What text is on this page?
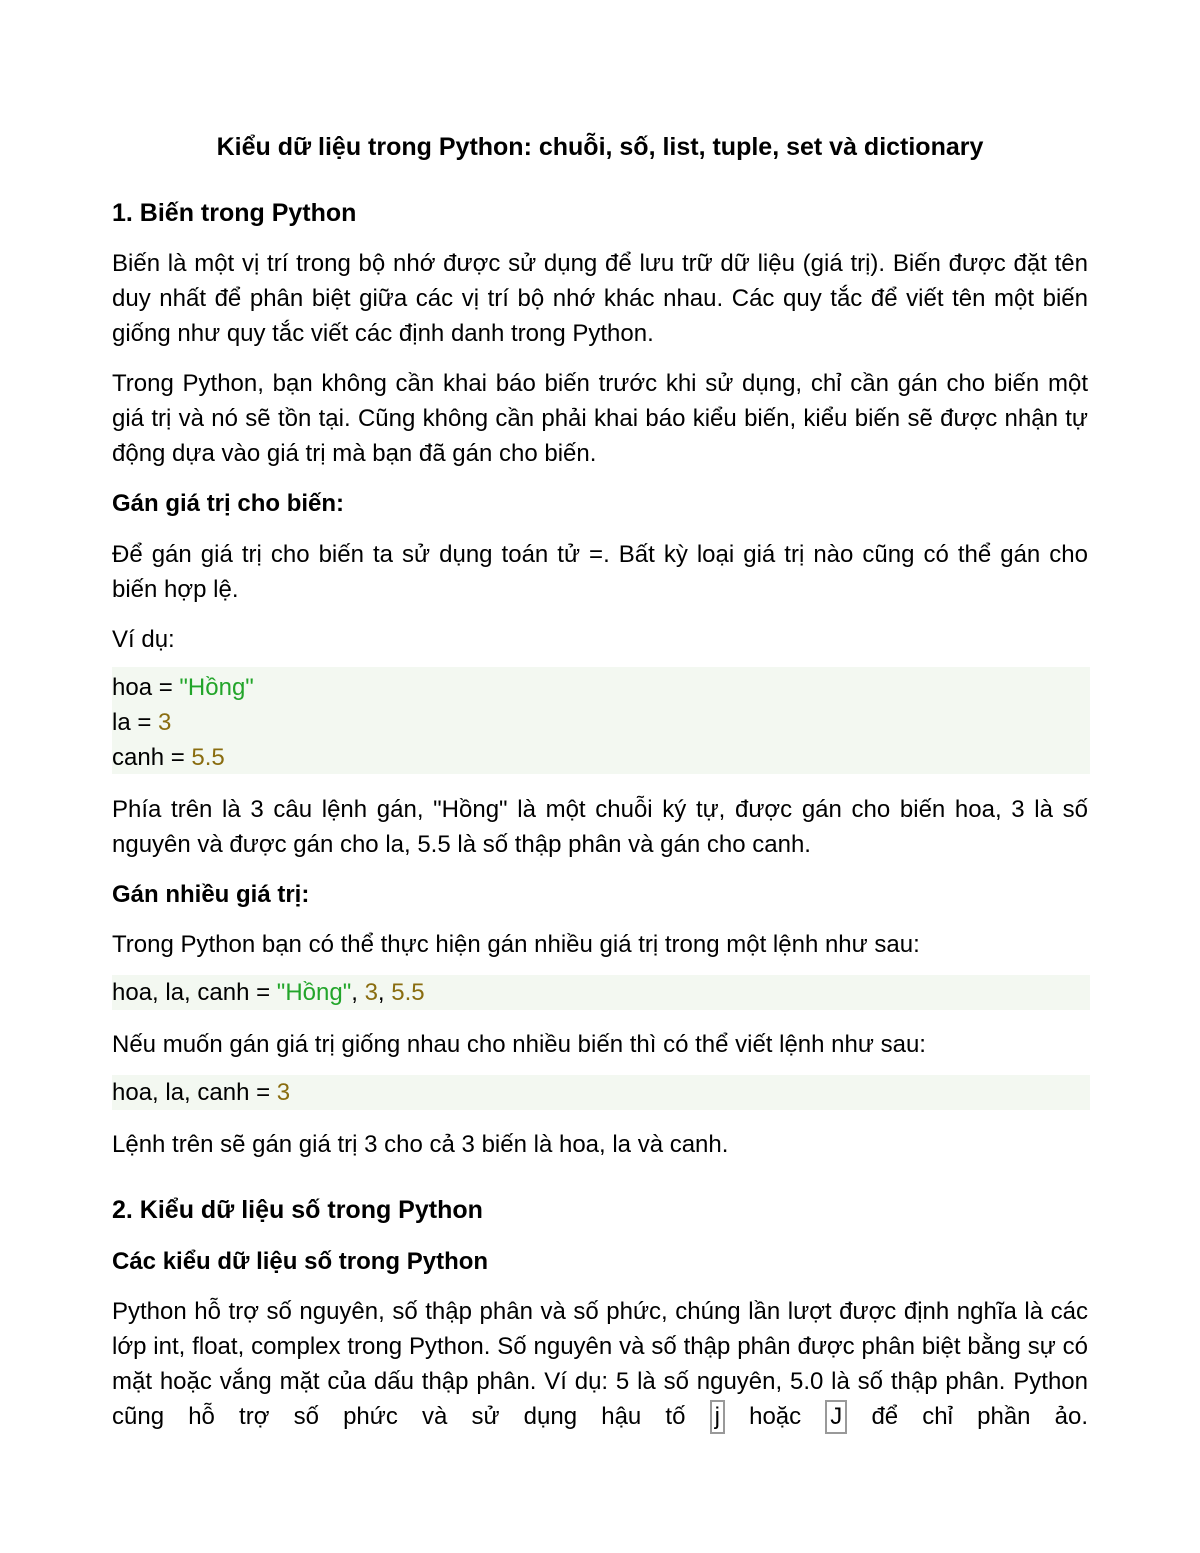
Kiểu dữ liệu trong Python: chuỗi, số, list, tuple, set và dictionary
1. Biến trong Python

Biến là một vị trí trong bộ nhớ được sử dụng để lưu trữ dữ liệu (giá trị). Biến được đặt tên duy nhất để phân biệt giữa các vị trí bộ nhớ khác nhau. Các quy tắc để viết tên một biến giống như quy tắc viết các định danh trong Python.

Trong Python, bạn không cần khai báo biến trước khi sử dụng, chỉ cần gán cho biến một giá trị và nó sẽ tồn tại. Cũng không cần phải khai báo kiểu biến, kiểu biến sẽ được nhận tự động dựa vào giá trị mà bạn đã gán cho biến.

Gán giá trị cho biến:

Để gán giá trị cho biến ta sử dụng toán tử =. Bất kỳ loại giá trị nào cũng có thể gán cho biến hợp lệ.

Ví dụ:

hoa = "Hồng"
la = 3
canh = 5.5

Phía trên là 3 câu lệnh gán, "Hồng" là một chuỗi ký tự, được gán cho biến hoa, 3 là số nguyên và được gán cho la, 5.5 là số thập phân và gán cho canh.

Gán nhiều giá trị:

Trong Python bạn có thể thực hiện gán nhiều giá trị trong một lệnh như sau:

hoa, la, canh = "Hồng", 3, 5.5

Nếu muốn gán giá trị giống nhau cho nhiều biến thì có thể viết lệnh như sau:

hoa, la, canh = 3

Lệnh trên sẽ gán giá trị 3 cho cả 3 biến là hoa, la và canh.

2. Kiểu dữ liệu số trong Python
Các kiểu dữ liệu số trong Python

Python hỗ trợ số nguyên, số thập phân và số phức, chúng lần lượt được định nghĩa là các lớp int, float, complex trong Python. Số nguyên và số thập phân được phân biệt bằng sự có mặt hoặc vắng mặt của dấu thập phân. Ví dụ: 5 là số nguyên, 5.0 là số thập phân. Python cũng hỗ trợ số phức và sử dụng hậu tố j hoặc J để chỉ phần ảo.
